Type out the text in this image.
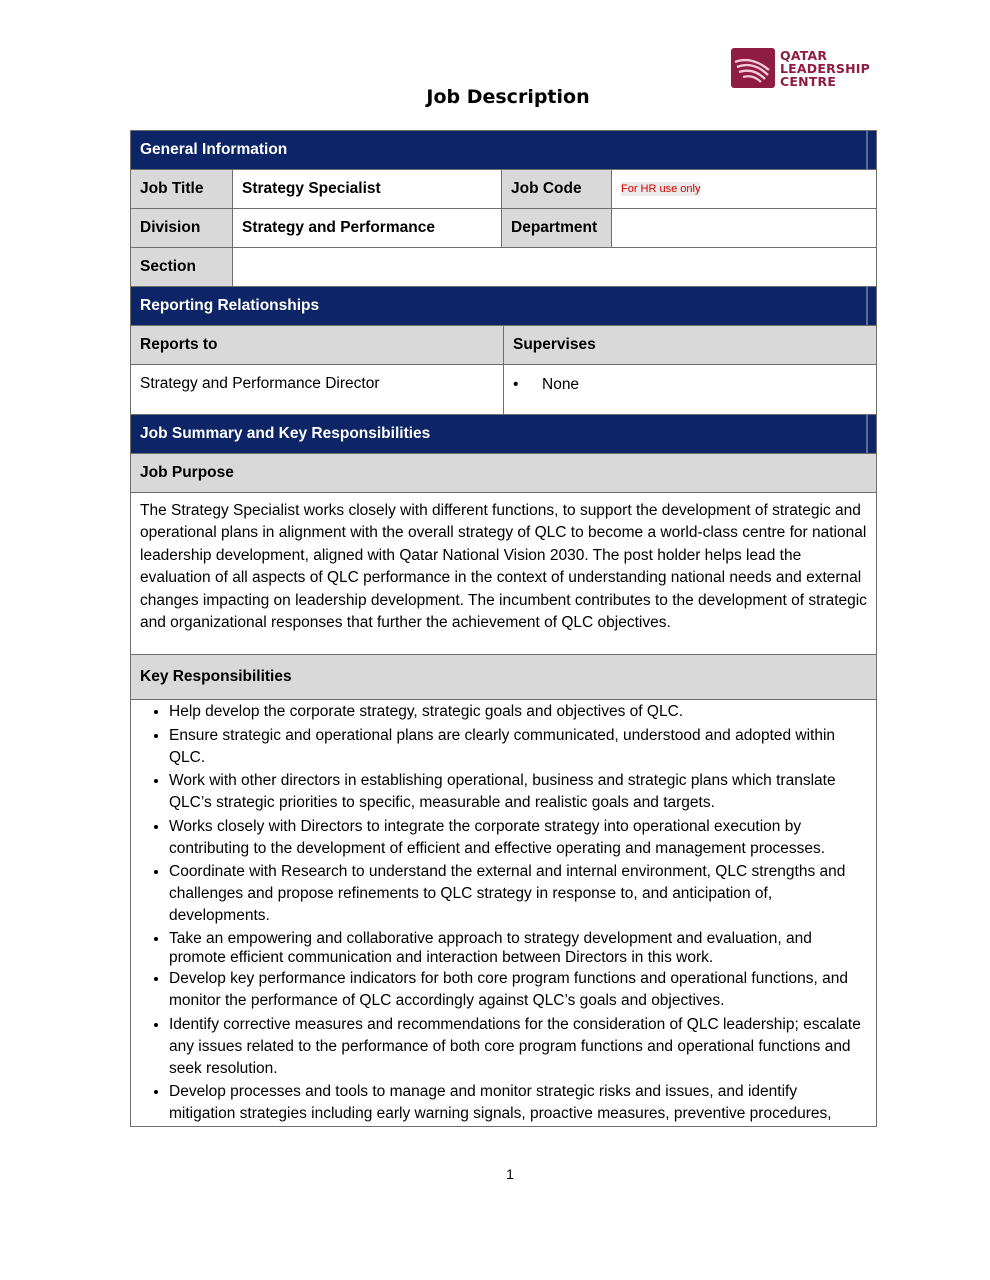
QATAR
LEADERSHIP
CENTRE
Job Description
General Information
Job Title	Strategy Specialist	Job Code	For HR use only
Division	Strategy and Performance	Department
Section
Reporting Relationships
Reports to	Supervises
Strategy and Performance Director	•	None
Job Summary and Key Responsibilities
Job Purpose
The Strategy Specialist works closely with different functions, to support the development of strategic and operational plans in alignment with the overall strategy of QLC to become a world-class centre for national leadership development, aligned with Qatar National Vision 2030. The post holder helps lead the evaluation of all aspects of QLC performance in the context of understanding national needs and external changes impacting on leadership development. The incumbent contributes to the development of strategic and organizational responses that further the achievement of QLC objectives.
Key Responsibilities
• Help develop the corporate strategy, strategic goals and objectives of QLC.
• Ensure strategic and operational plans are clearly communicated, understood and adopted within QLC.
• Work with other directors in establishing operational, business and strategic plans which translate QLC’s strategic priorities to specific, measurable and realistic goals and targets.
• Works closely with Directors to integrate the corporate strategy into operational execution by contributing to the development of efficient and effective operating and management processes.
• Coordinate with Research to understand the external and internal environment, QLC strengths and challenges and propose refinements to QLC strategy in response to, and anticipation of, developments.
• Take an empowering and collaborative approach to strategy development and evaluation, and promote efficient communication and interaction between Directors in this work.
• Develop key performance indicators for both core program functions and operational functions, and monitor the performance of QLC accordingly against QLC’s goals and objectives.
• Identify corrective measures and recommendations for the consideration of QLC leadership; escalate any issues related to the performance of both core program functions and operational functions and seek resolution.
• Develop processes and tools to manage and monitor strategic risks and issues, and identify mitigation strategies including early warning signals, proactive measures, preventive procedures,
1
